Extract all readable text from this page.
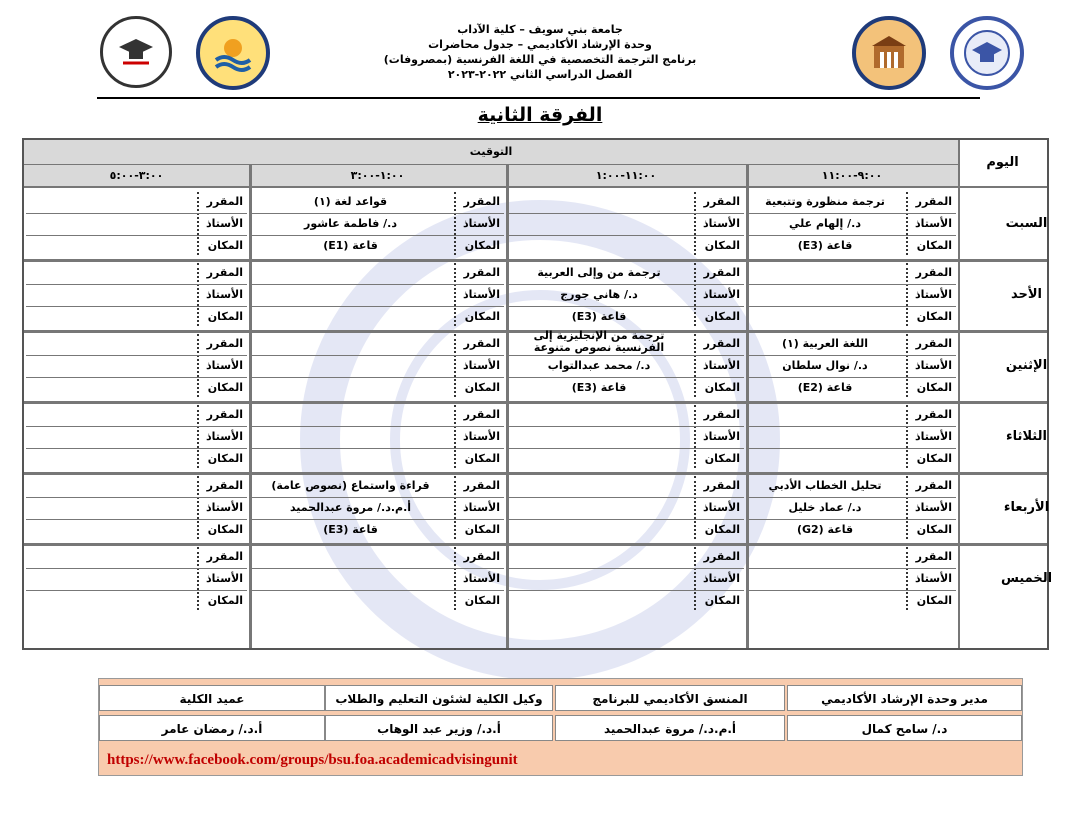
جامعة بني سويف – كلية الآداب
وحدة الإرشاد الأكاديمي – جدول محاضرات
برنامج الترجمة التخصصية في اللغة الفرنسية (بمصروفات)
الفصل الدراسي الثاني ٢٠٢٢-٢٠٢٣
الفرقة الثانية
اليوم
التوقيت
٩:٠٠-١١:٠٠
١١:٠٠-١:٠٠
١:٠٠-٣:٠٠
٣:٠٠-٥:٠٠
السبت
المقرر
ترجمة منظورة وتتبعية
الأستاذ
د./ إلهام علي
المكان
قاعة (E3)
المقرر
الأستاذ
المكان
المقرر
قواعد لغة (١)
الأستاذ
د./ فاطمة عاشور
المكان
قاعة (E1)
المقرر
الأستاذ
المكان
الأحد
المقرر
الأستاذ
المكان
المقرر
ترجمة من وإلى العربية
الأستاذ
د./ هاني جورج
المكان
قاعة (E3)
المقرر
الأستاذ
المكان
المقرر
الأستاذ
المكان
الإثنين
المقرر
اللغة العربية (١)
الأستاذ
د./ نوال سلطان
المكان
قاعة (E2)
المقرر
ترجمة من الإنجليزية إلى الفرنسية نصوص متنوعة
الأستاذ
د./ محمد عبدالتواب
المكان
قاعة (E3)
المقرر
الأستاذ
المكان
المقرر
الأستاذ
المكان
الثلاثاء
المقرر
الأستاذ
المكان
المقرر
الأستاذ
المكان
المقرر
الأستاذ
المكان
المقرر
الأستاذ
المكان
الأربعاء
المقرر
تحليل الخطاب الأدبي
الأستاذ
د./ عماد خليل
المكان
قاعة (G2)
المقرر
الأستاذ
المكان
المقرر
قراءة واستماع (نصوص عامة)
الأستاذ
أ.م.د./ مروة عبدالحميد
المكان
قاعة (E3)
المقرر
الأستاذ
المكان
الخميس
المقرر
الأستاذ
المكان
المقرر
الأستاذ
المكان
المقرر
الأستاذ
المكان
المقرر
الأستاذ
المكان
مدير وحدة الإرشاد الأكاديمي
د./ سامح كمال
المنسق الأكاديمي للبرنامج
أ.م.د./ مروة عبدالحميد
وكيل الكلية لشئون التعليم والطلاب
أ.د./ وزير عبد الوهاب
عميد الكلية
أ.د./ رمضان عامر
https://www.facebook.com/groups/bsu.foa.academicadvisingunit
